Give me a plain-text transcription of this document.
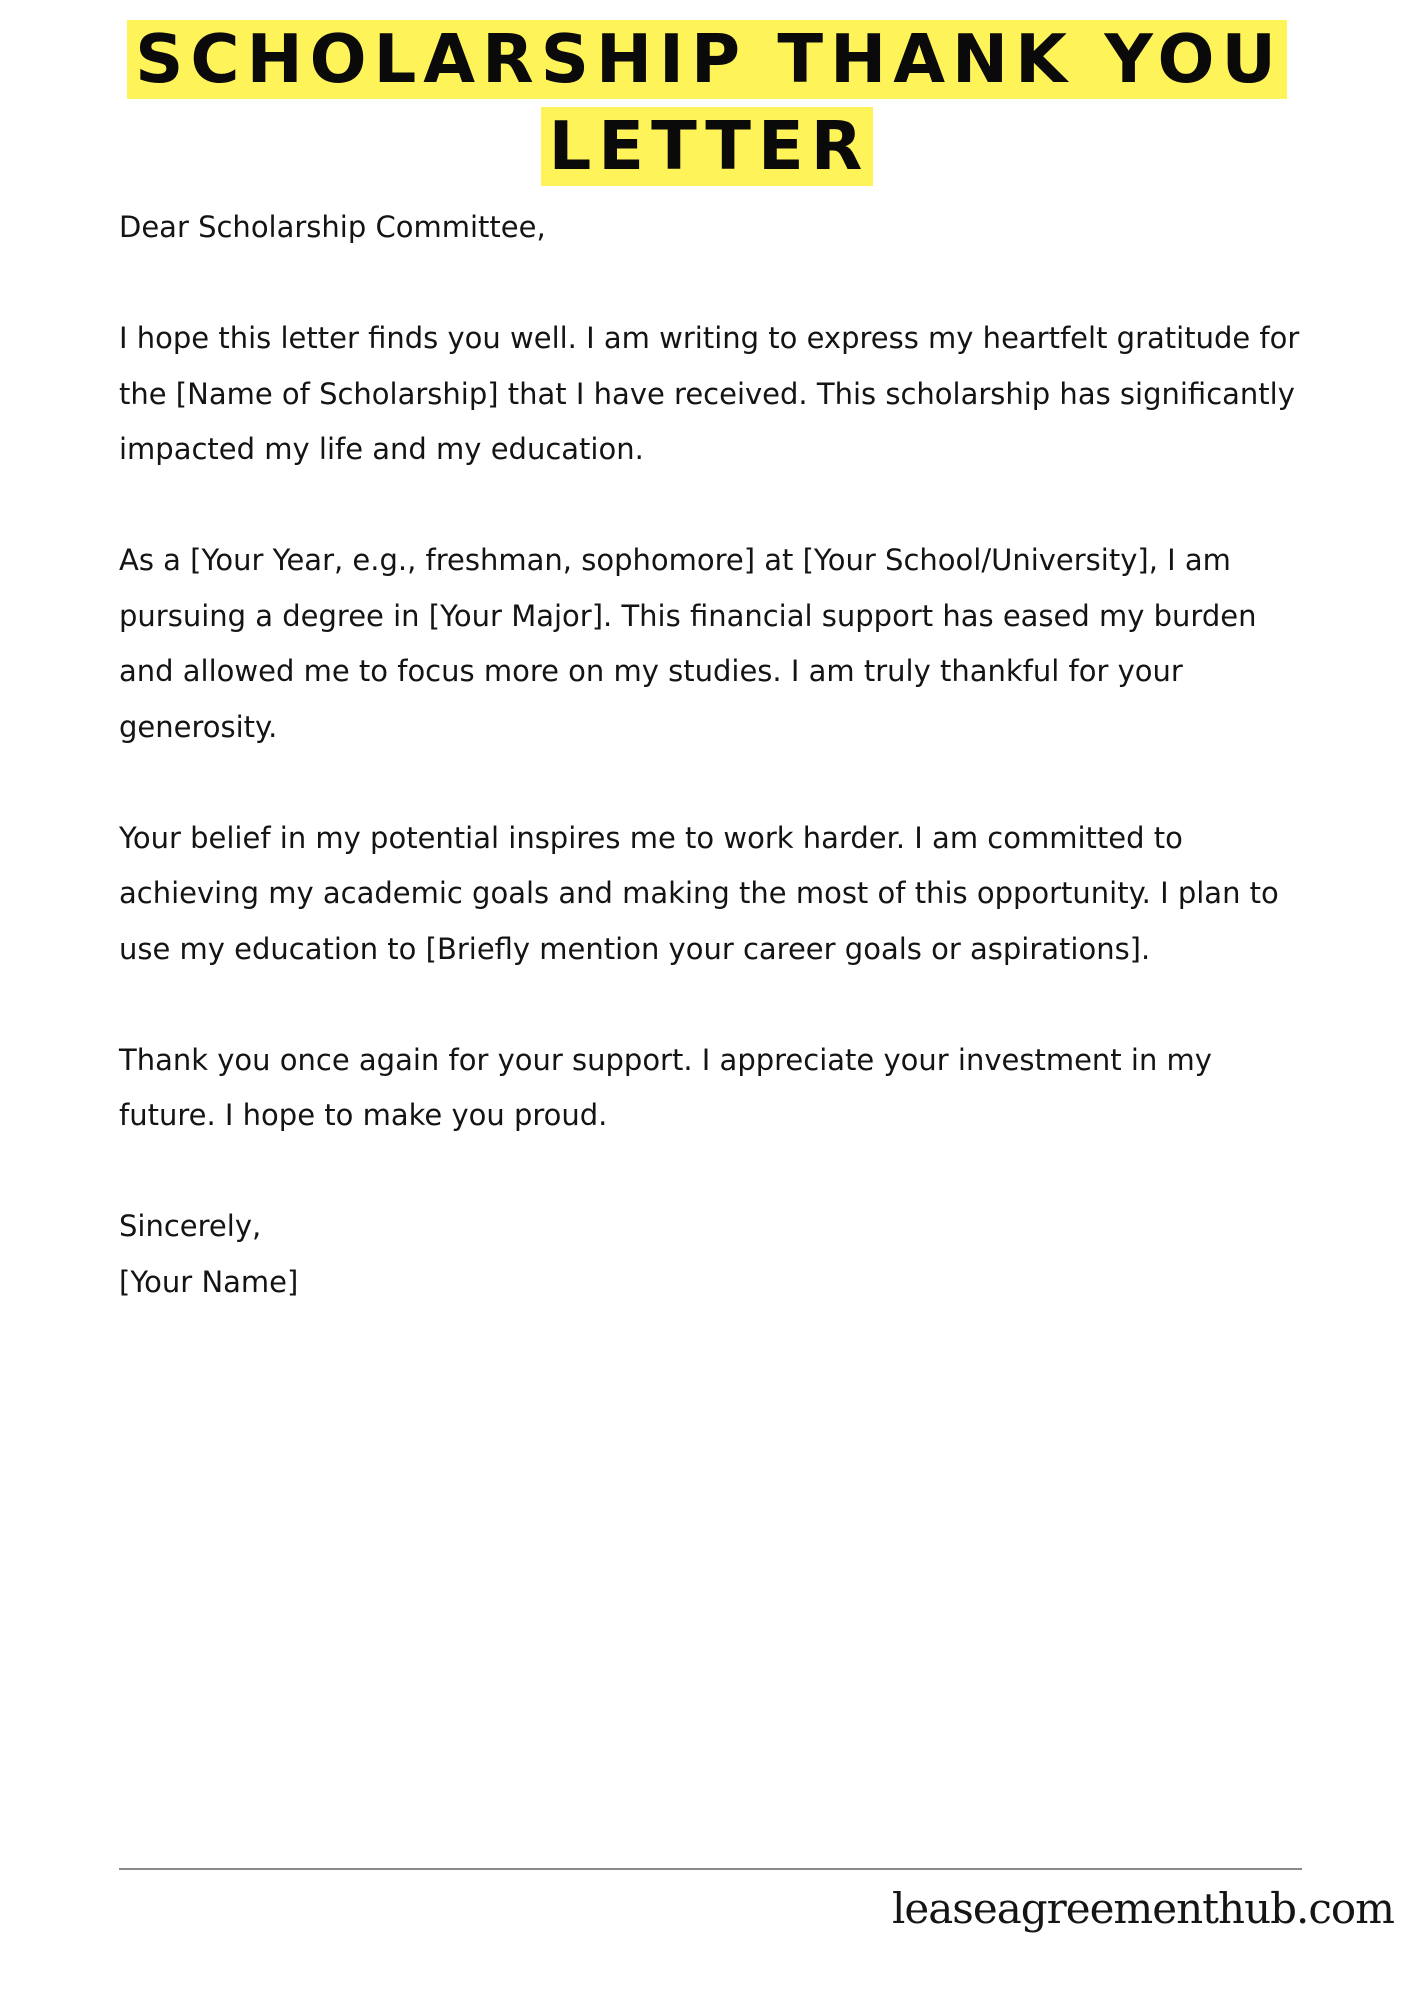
SCHOLARSHIP THANK YOU
LETTER

Dear Scholarship Committee,

I hope this letter finds you well. I am writing to express my heartfelt gratitude for the [Name of Scholarship] that I have received. This scholarship has significantly impacted my life and my education.

As a [Your Year, e.g., freshman, sophomore] at [Your School/University], I am pursuing a degree in [Your Major]. This financial support has eased my burden and allowed me to focus more on my studies. I am truly thankful for your generosity.

Your belief in my potential inspires me to work harder. I am committed to achieving my academic goals and making the most of this opportunity. I plan to use my education to [Briefly mention your career goals or aspirations].

Thank you once again for your support. I appreciate your investment in my future. I hope to make you proud.

Sincerely,

[Your Name]

leaseagreementhub.com
